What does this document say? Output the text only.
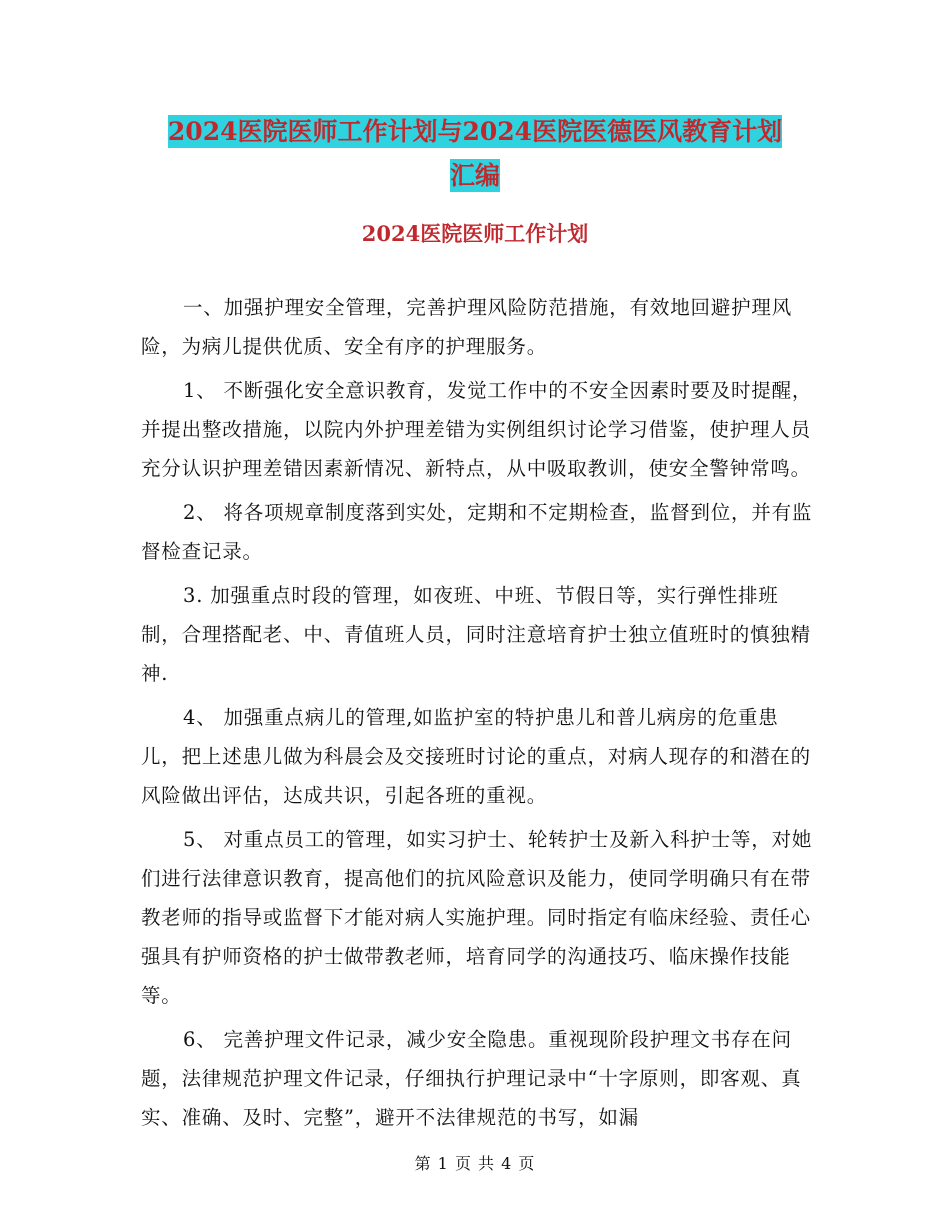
2024医院医师工作计划与2024医院医德医风教育计划
汇编
2024医院医师工作计划

一、加强护理安全管理，完善护理风险防范措施，有效地回避护理风险，为病儿提供优质、安全有序的护理服务。

1、 不断强化安全意识教育，发觉工作中的不安全因素时要及时提醒，并提出整改措施，以院内外护理差错为实例组织讨论学习借鉴，使护理人员充分认识护理差错因素新情况、新特点，从中吸取教训，使安全警钟常鸣。

2、 将各项规章制度落到实处，定期和不定期检查，监督到位，并有监督检查记录。

3. 加强重点时段的管理，如夜班、中班、节假日等，实行弹性排班制，合理搭配老、中、青值班人员，同时注意培育护士独立值班时的慎独精神.

4、 加强重点病儿的管理,如监护室的特护患儿和普儿病房的危重患儿，把上述患儿做为科晨会及交接班时讨论的重点，对病人现存的和潜在的风险做出评估，达成共识，引起各班的重视。

5、 对重点员工的管理，如实习护士、轮转护士及新入科护士等，对她们进行法律意识教育，提高他们的抗风险意识及能力，使同学明确只有在带教老师的指导或监督下才能对病人实施护理。同时指定有临床经验、责任心强具有护师资格的护士做带教老师，培育同学的沟通技巧、临床操作技能等。

6、 完善护理文件记录，减少安全隐患。重视现阶段护理文书存在问题，法律规范护理文件记录，仔细执行护理记录中“十字原则，即客观、真实、准确、及时、完整”，避开不法律规范的书写，如漏

第 1 页 共 4 页
